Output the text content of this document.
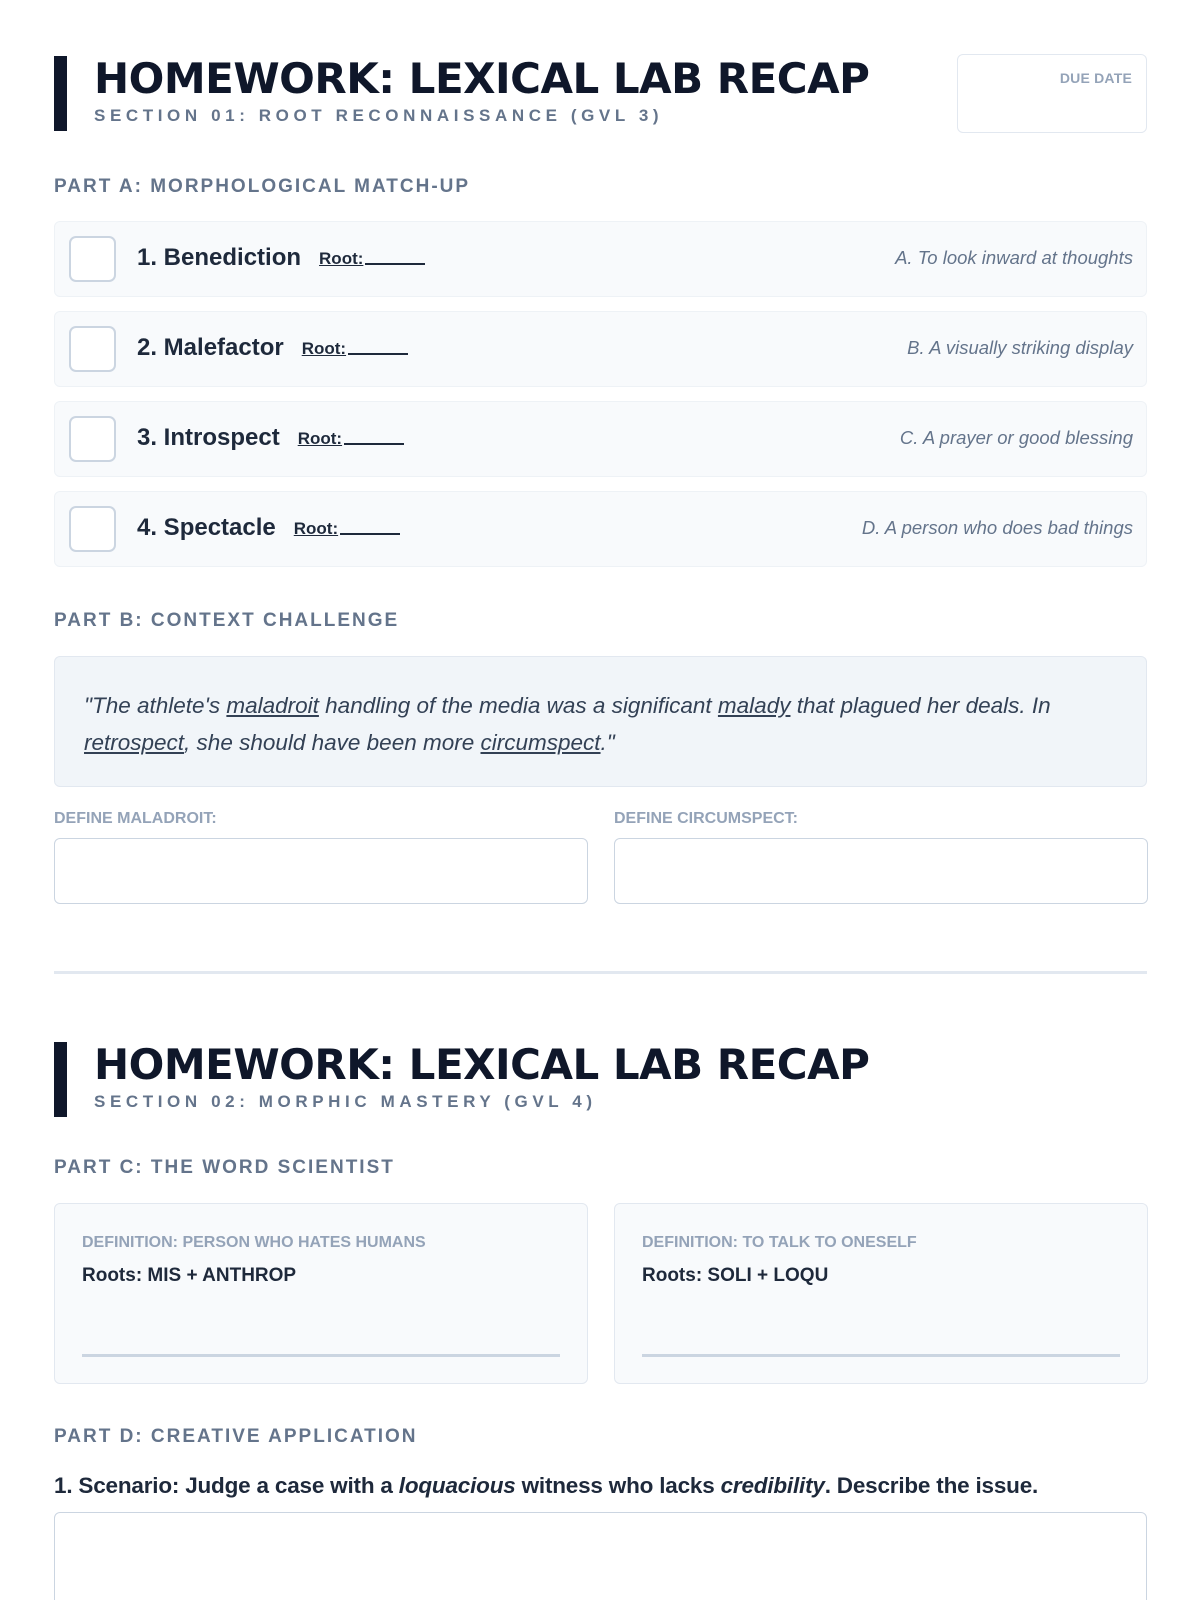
HOMEWORK: LEXICAL LAB RECAP
SECTION 01: ROOT RECONNAISSANCE (GVL 3)
DUE DATE
PART A: MORPHOLOGICAL MATCH-UP
1. Benediction Root:	A. To look inward at thoughts
2. Malefactor Root:	B. A visually striking display
3. Introspect Root:	C. A prayer or good blessing
4. Spectacle Root:	D. A person who does bad things
PART B: CONTEXT CHALLENGE
"The athlete's maladroit handling of the media was a significant malady that plagued her deals. In retrospect, she should have been more circumspect."
DEFINE MALADROIT:	DEFINE CIRCUMSPECT:
HOMEWORK: LEXICAL LAB RECAP
SECTION 02: MORPHIC MASTERY (GVL 4)
PART C: THE WORD SCIENTIST
DEFINITION: PERSON WHO HATES HUMANS
Roots: MIS + ANTHROP
DEFINITION: TO TALK TO ONESELF
Roots: SOLI + LOQU
PART D: CREATIVE APPLICATION
1. Scenario: Judge a case with a loquacious witness who lacks credibility. Describe the issue.
